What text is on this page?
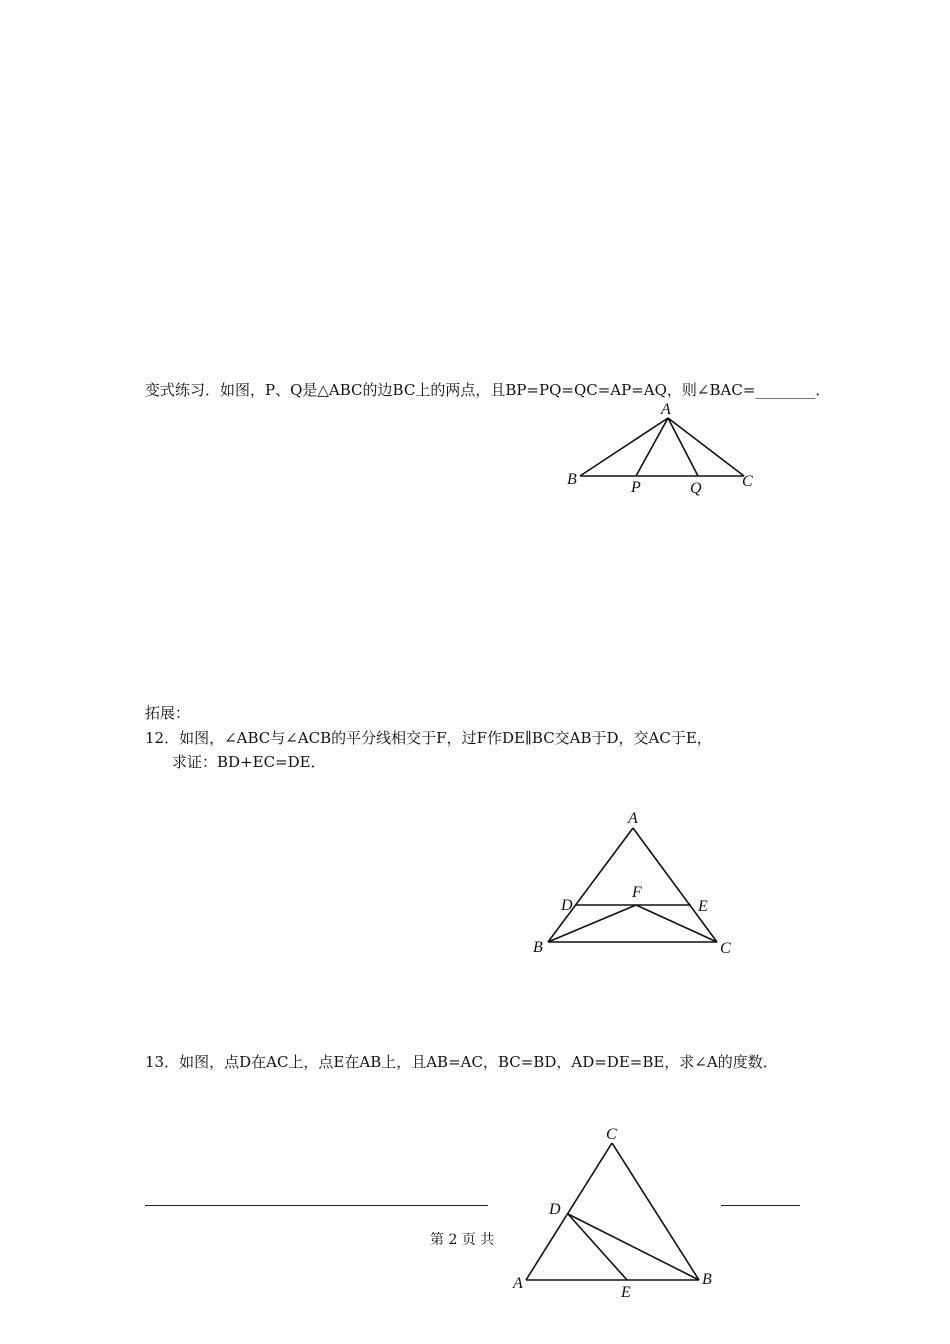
变式练习．如图，P、Q是△ABC的边BC上的两点，且BP=PQ=QC=AP=AQ，则∠BAC=________．
A
B	P	Q	C
拓展：
12．如图，∠ABC与∠ACB的平分线相交于F，过F作DE∥BC交AB于D，交AC于E，
求证：BD+EC=DE．
A
D
F
E
B	C
13．如图，点D在AC上，点E在AB上，且AB=AC，BC=BD，AD=DE=BE，求∠A的度数．
第 2 页 共
C
D
A
E
B
